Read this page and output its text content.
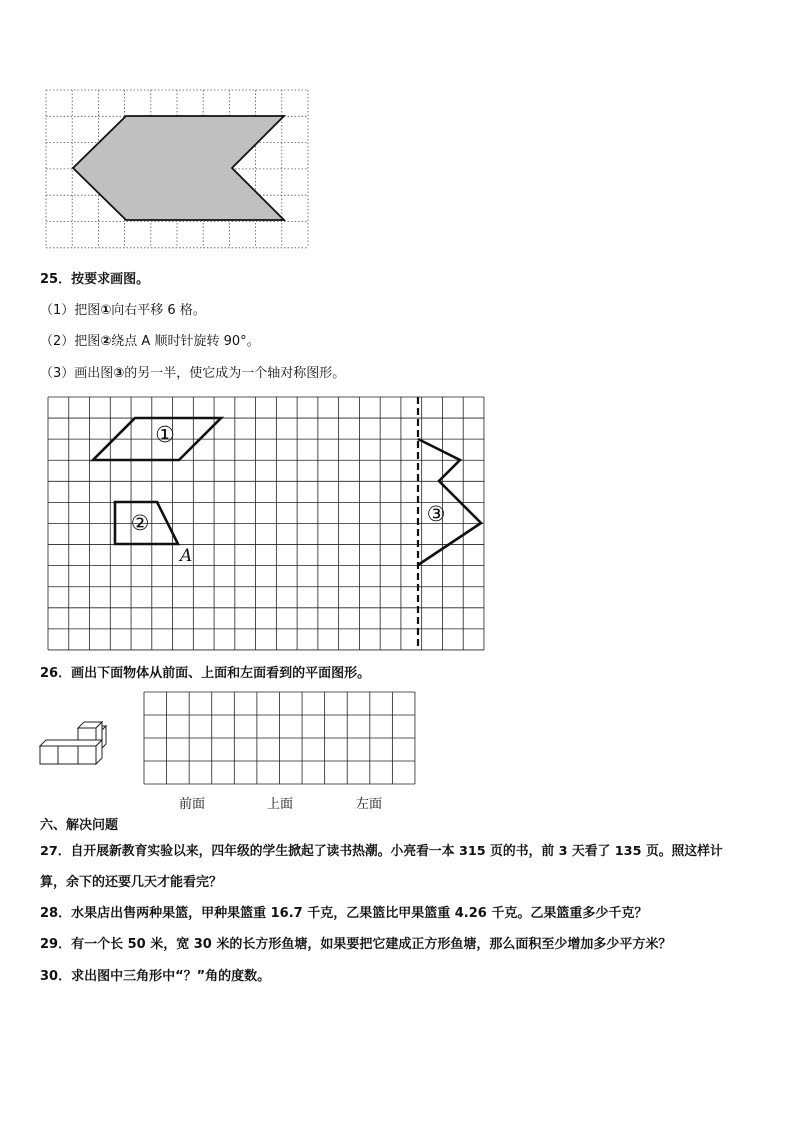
25．按要求画图。
（1）把图①向右平移 6 格。
（2）把图②绕点 A 顺时针旋转 90°。
（3）画出图③的另一半，使它成为一个轴对称图形。
①
②	③
A
26．画出下面物体从前面、上面和左面看到的平面图形。
前面	上面	左面
六、解决问题
27．自开展新教育实验以来，四年级的学生掀起了读书热潮。小亮看一本 315 页的书，前 3 天看了 135 页。照这样计
算，余下的还要几天才能看完？
28．水果店出售两种果篮，甲种果篮重 16.7 千克，乙果篮比甲果篮重 4.26 千克。乙果篮重多少千克？
29．有一个长 50 米，宽 30 米的长方形鱼塘，如果要把它建成正方形鱼塘，那么面积至少增加多少平方米？
30．求出图中三角形中“？”角的度数。
